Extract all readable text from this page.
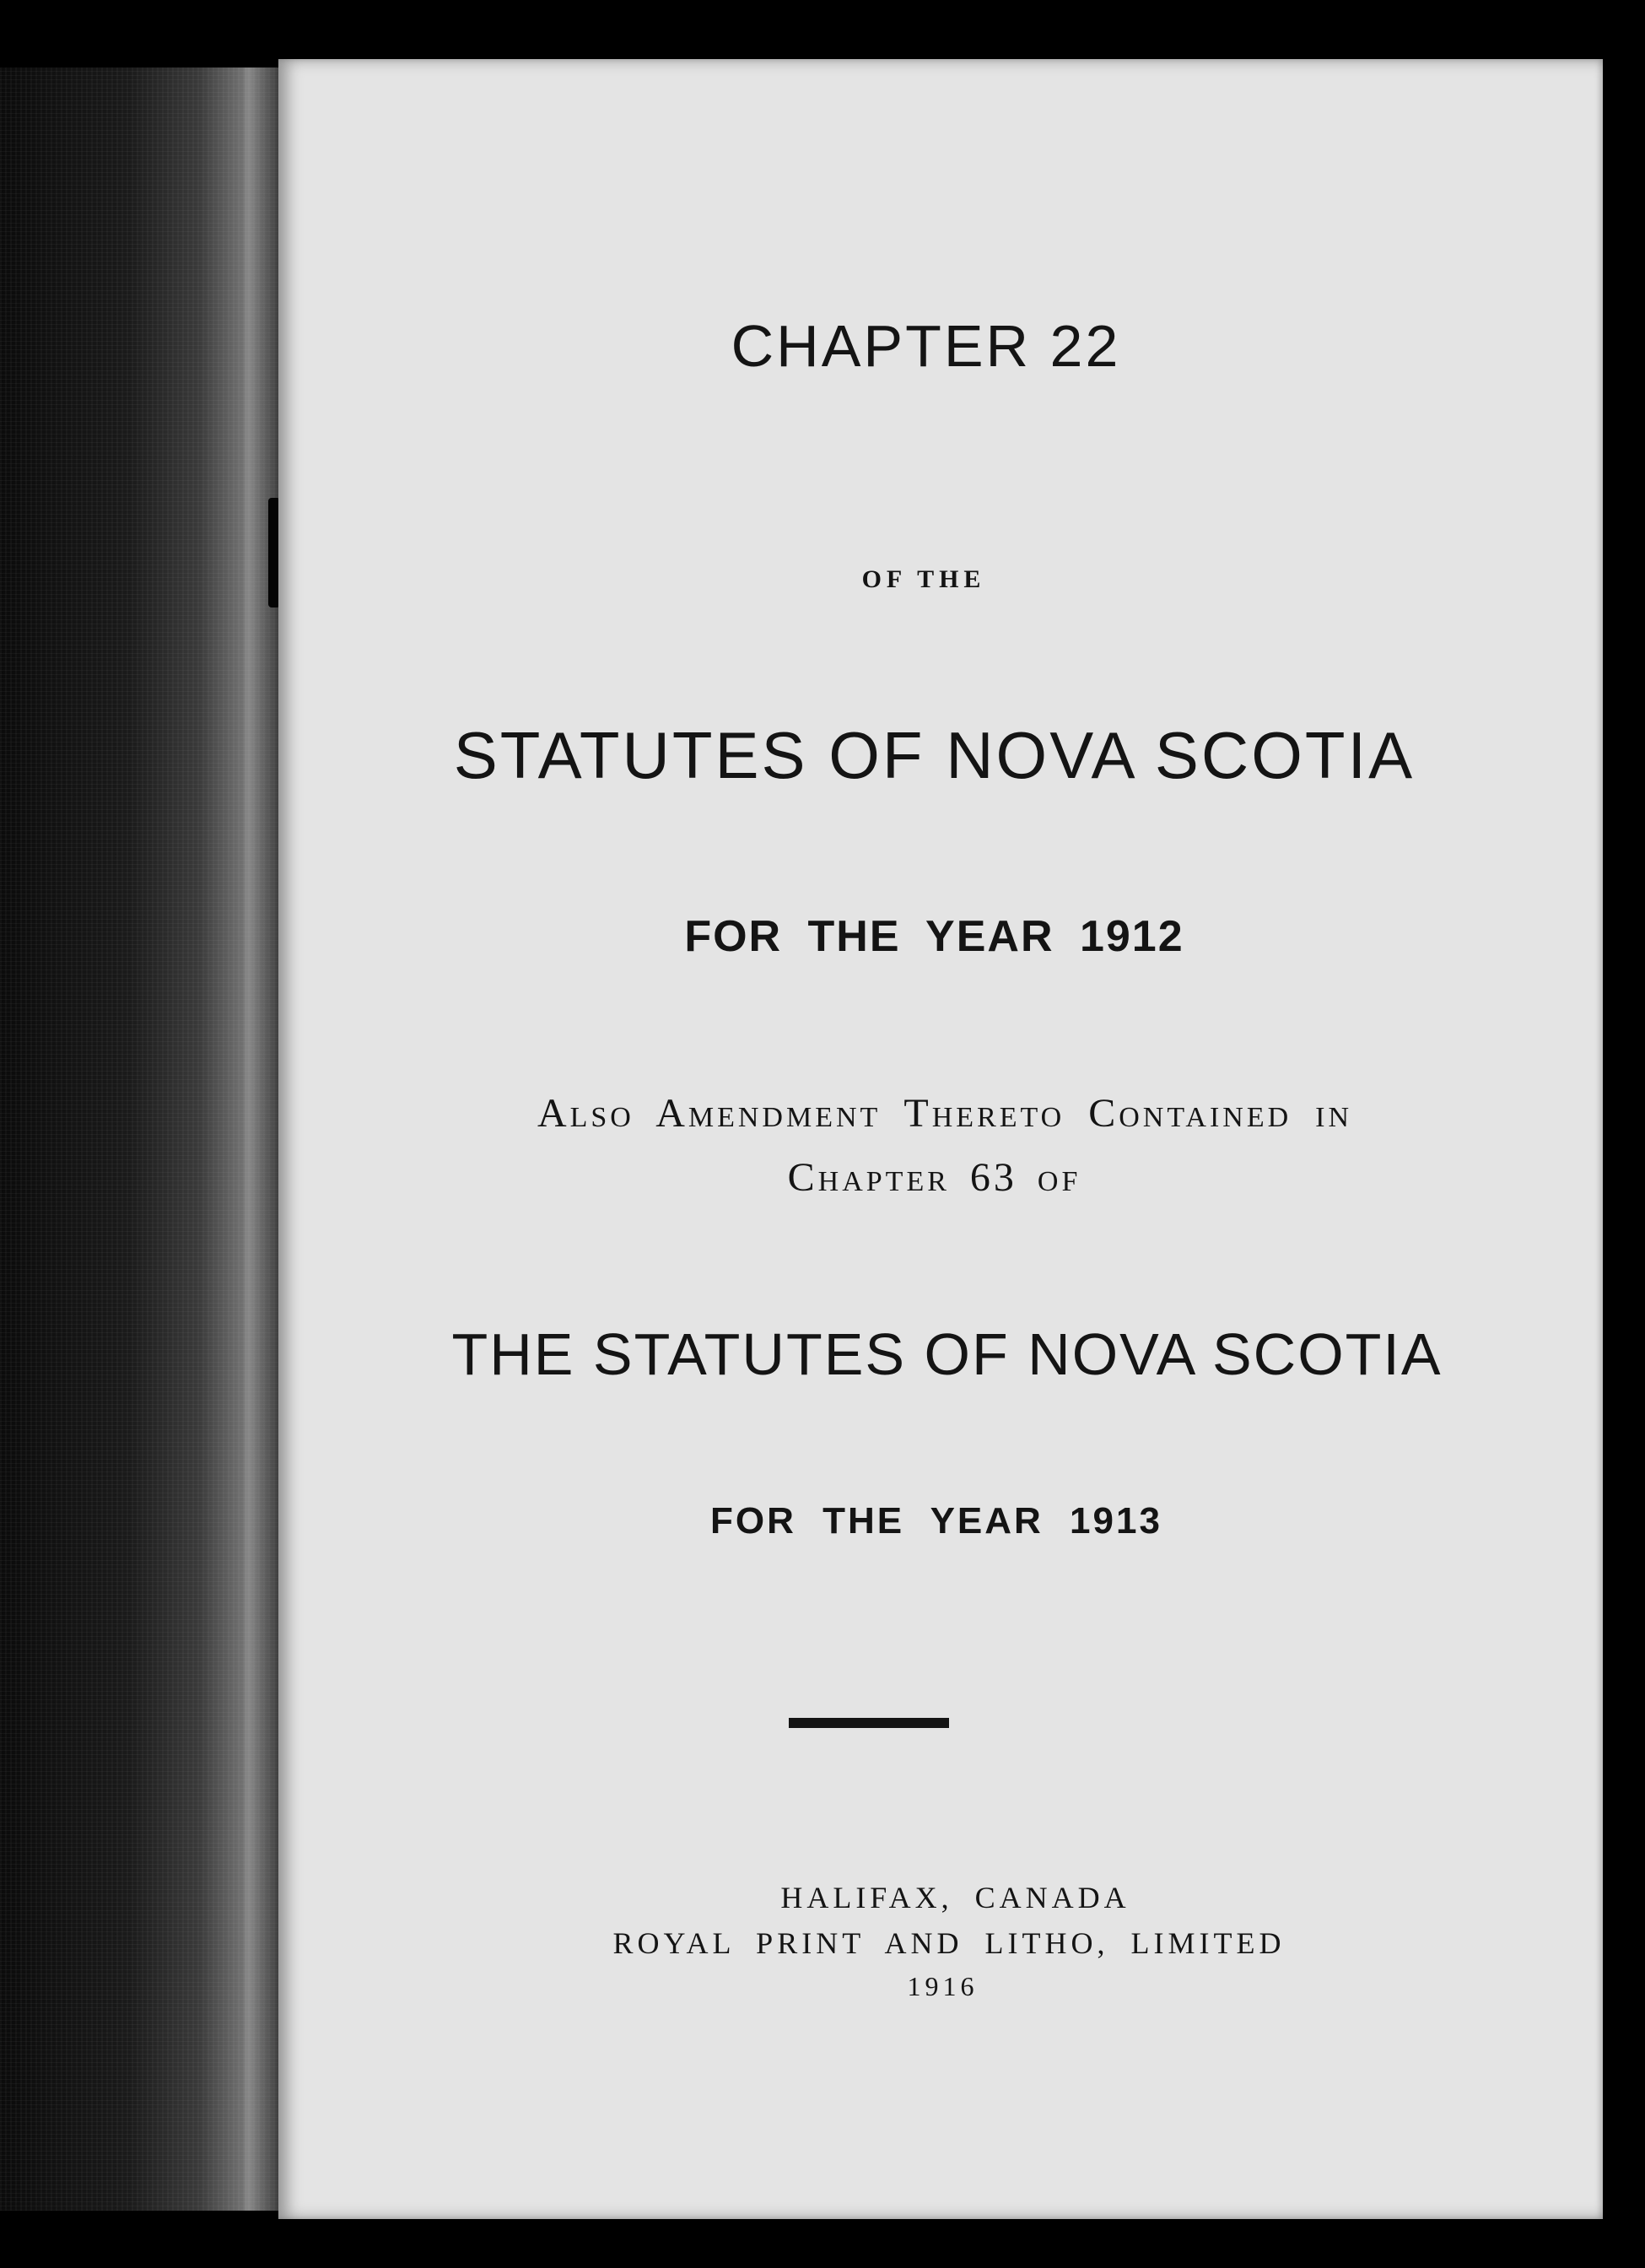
CHAPTER 22
OF THE
STATUTES OF NOVA SCOTIA
FOR THE YEAR 1912
Also Amendment Thereto Contained in
Chapter 63 of
THE STATUTES OF NOVA SCOTIA
FOR THE YEAR 1913
HALIFAX, CANADA
ROYAL PRINT AND LITHO, LIMITED
1916
